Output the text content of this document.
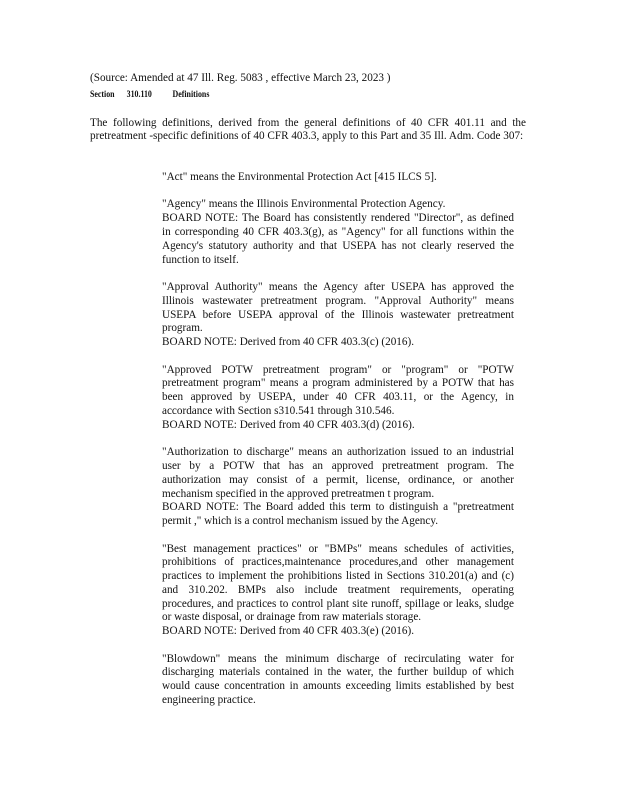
(Source: Amended at 47 Ill. Reg. 5083 , effective March 23, 2023 )
Section 310.110 Definitions
The following definitions, derived from the general definitions of 40 CFR 401.11 and the pretreatment -specific definitions of 40 CFR 403.3, apply to this Part and 35 Ill. Adm. Code 307:

"Act" means the Environmental Protection Act [415 ILCS 5].

"Agency" means the Illinois Environmental Protection Agency.

BOARD NOTE: The Board has consistently rendered "Director", as defined in corresponding 40 CFR 403.3(g), as "Agency" for all functions within the Agency's statutory authority and that USEPA has not clearly reserved the function to itself.

"Approval Authority" means the Agency after USEPA has approved the Illinois wastewater pretreatment program. "Approval Authority" means USEPA before USEPA approval of the Illinois wastewater pretreatment program.

BOARD NOTE: Derived from 40 CFR 403.3(c) (2016).

"Approved POTW pretreatment program" or "program" or "POTW pretreatment program" means a program administered by a POTW that has been approved by USEPA, under 40 CFR 403.11, or the Agency, in accordance with Section s310.541 through 310.546.

BOARD NOTE: Derived from 40 CFR 403.3(d) (2016).

"Authorization to discharge" means an authorization issued to an industrial user by a POTW that has an approved pretreatment program. The authorization may consist of a permit, license, ordinance, or another mechanism specified in the approved pretreatmen t program.

BOARD NOTE: The Board added this term to distinguish a "pretreatment permit ," which is a control mechanism issued by the Agency.

"Best management practices" or "BMPs" means schedules of activities, prohibitions of practices,maintenance procedures,and other management practices to implement the prohibitions listed in Sections 310.201(a) and (c) and 310.202. BMPs also include treatment requirements, operating procedures, and practices to control plant site runoff, spillage or leaks, sludge or waste disposal, or drainage from raw materials storage.

BOARD NOTE: Derived from 40 CFR 403.3(e) (2016).

"Blowdown" means the minimum discharge of recirculating water for discharging materials contained in the water, the further buildup of which would cause concentration in amounts exceeding limits established by best engineering practice.
